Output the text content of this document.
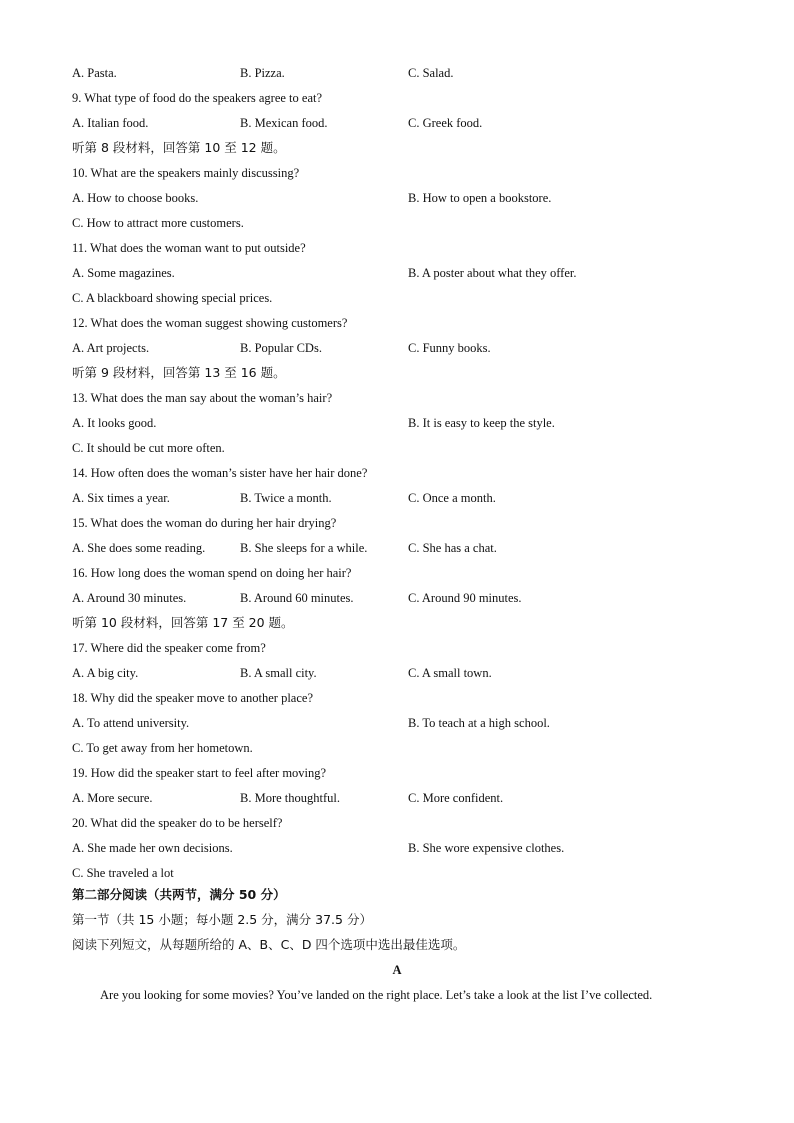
A. Pasta.	B. Pizza.	C. Salad.
9. What type of food do the speakers agree to eat?
A. Italian food.	B. Mexican food.	C. Greek food.
听第 8 段材料，回答第 10 至 12 题。
10. What are the speakers mainly discussing?
A. How to choose books.	B. How to open a bookstore.
C. How to attract more customers.
11. What does the woman want to put outside?
A. Some magazines.	B. A poster about what they offer.
C. A blackboard showing special prices.
12. What does the woman suggest showing customers?
A. Art projects.	B. Popular CDs.	C. Funny books.
听第 9 段材料，回答第 13 至 16 题。
13. What does the man say about the woman’s hair?
A. It looks good.	B. It is easy to keep the style.
C. It should be cut more often.
14. How often does the woman’s sister have her hair done?
A. Six times a year.	B. Twice a month.	C. Once a month.
15. What does the woman do during her hair drying?
A. She does some reading.	B. She sleeps for a while.	C. She has a chat.
16. How long does the woman spend on doing her hair?
A. Around 30 minutes.	B. Around 60 minutes.	C. Around 90 minutes.
听第 10 段材料，回答第 17 至 20 题。
17. Where did the speaker come from?
A. A big city.	B. A small city.	C. A small town.
18. Why did the speaker move to another place?
A. To attend university.	B. To teach at a high school.
C. To get away from her hometown.
19. How did the speaker start to feel after moving?
A. More secure.	B. More thoughtful.	C. More confident.
20. What did the speaker do to be herself?
A. She made her own decisions.	B. She wore expensive clothes.
C. She traveled a lot
第二部分阅读（共两节，满分 50 分）
第一节（共 15 小题；每小题 2.5 分，满分 37.5 分）
阅读下列短文，从每题所给的 A、B、C、D 四个选项中选出最佳选项。
A
Are you looking for some movies? You’ve landed on the right place. Let’s take a look at the list I’ve collected.
